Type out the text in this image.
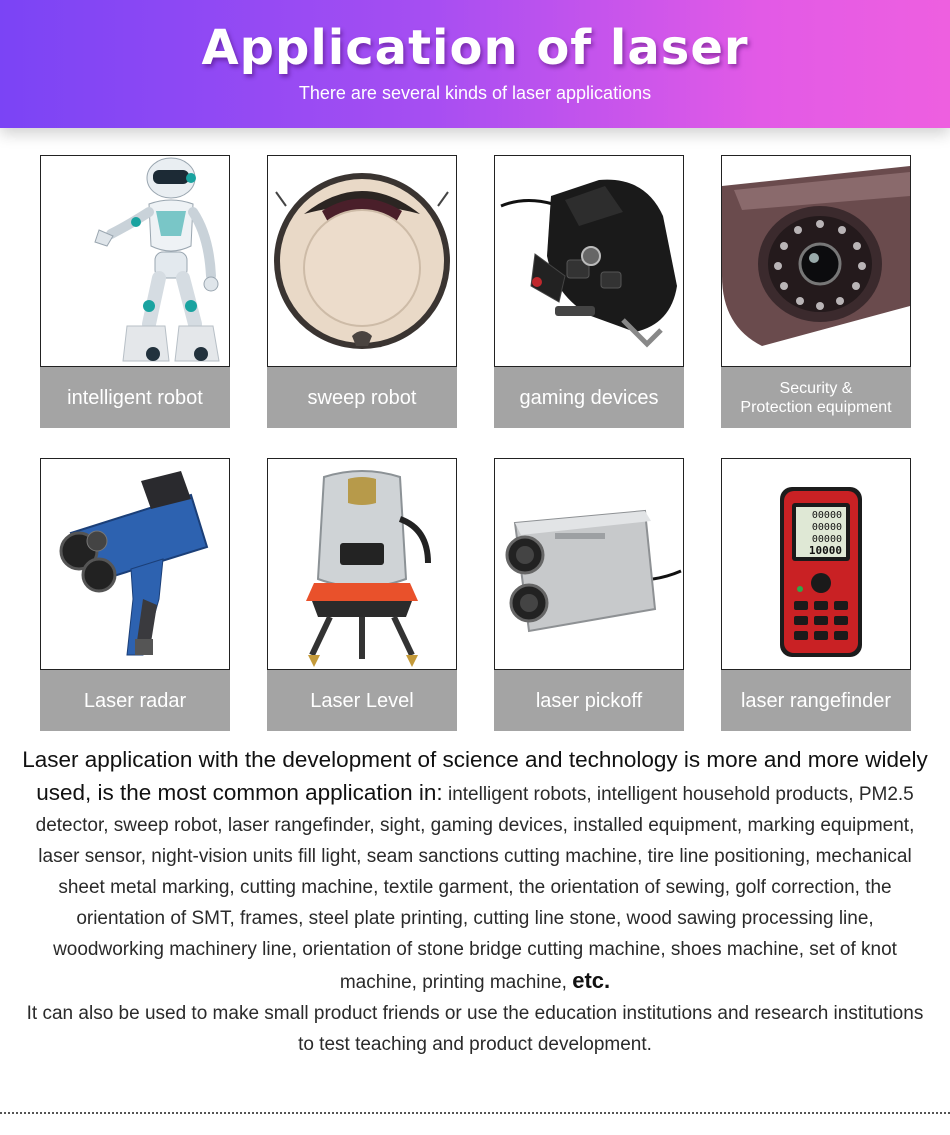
Application of laser
There are several kinds of laser applications
intelligent robot	sweep robot	gaming devices	Security &
Protection equipment
Laser radar	Laser Level	laser pickoff
00000
00000
00000
10000
laser rangefinder

Laser application with the development of science and technology is more and more widely used, is the most common application in: intelligent robots, intelligent household products, PM2.5 detector, sweep robot, laser rangefinder, sight, gaming devices, installed equipment, marking equipment, laser sensor, night-vision units fill light, seam sanctions cutting machine, tire line positioning, mechanical sheet metal marking, cutting machine, textile garment, the orientation of sewing, golf correction, the orientation of SMT, frames, steel plate printing, cutting line stone, wood sawing processing line, woodworking machinery line, orientation of stone bridge cutting machine, shoes machine, set of knot machine, printing machine, etc.

It can also be used to make small product friends or use the education institutions and research institutions to test teaching and product development.
